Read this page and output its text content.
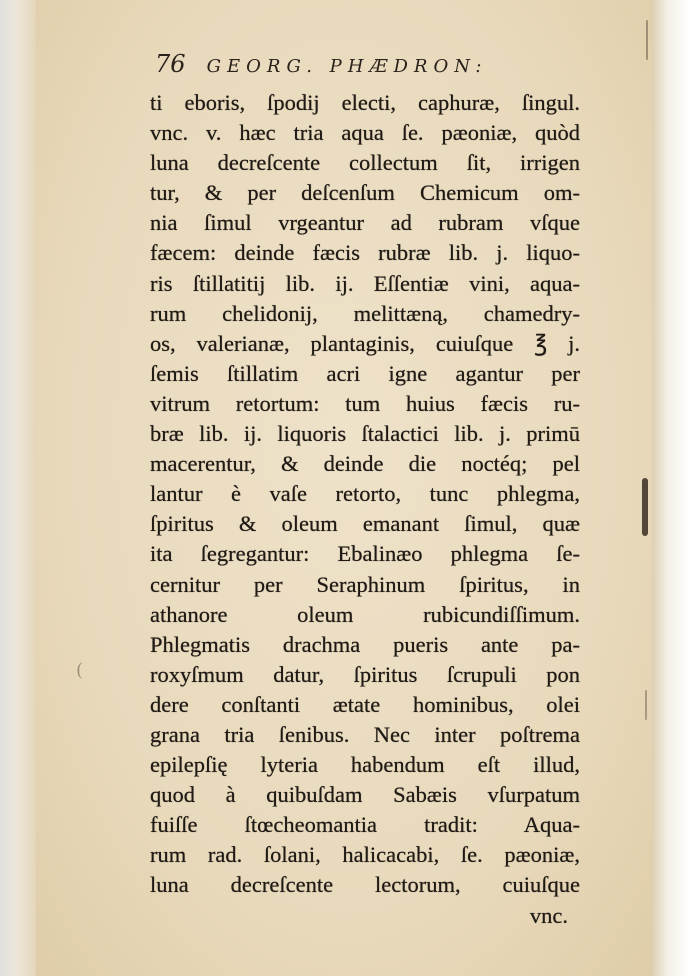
(
76 GEORG. PHÆDRON:
ti eboris, ſpodij electi, caphuræ, ſingul.
vnc. v. hæc tria aqua ſe. pæoniæ, quòd
luna decreſcente collectum ſit, irrigen
tur, & per deſcenſum Chemicum om-
nia ſimul vrgeantur ad rubram vſque
fæcem: deinde fæcis rubræ lib. j. liquo-
ris ſtillatitij lib. ij. Eſſentiæ vini, aqua-
rum chelidonij, melittæną, chamedry-
os, valerianæ, plantaginis, cuiuſque ℥ j.
ſemis ſtillatim acri igne agantur per
vitrum retortum: tum huius fæcis ru-
bræ lib. ij. liquoris ſtalactici lib. j. primū
macerentur, & deinde die noctéq; pel
lantur è vaſe retorto, tunc phlegma,
ſpiritus & oleum emanant ſimul, quæ
ita ſegregantur: Ebalinæo phlegma ſe-
cernitur per Seraphinum ſpiritus, in
athanore oleum rubicundiſſimum.
Phlegmatis drachma pueris ante pa-
roxyſmum datur, ſpiritus ſcrupuli pon
dere conſtanti ætate hominibus, olei
grana tria ſenibus. Nec inter poſtrema
epilepſię lyteria habendum eſt illud,
quod à quibuſdam Sabæis vſurpatum
fuiſſe ſtœcheomantia tradit: Aqua-
rum rad. ſolani, halicacabi, ſe. pæoniæ,
luna decreſcente lectorum, cuiuſque
vnc.
